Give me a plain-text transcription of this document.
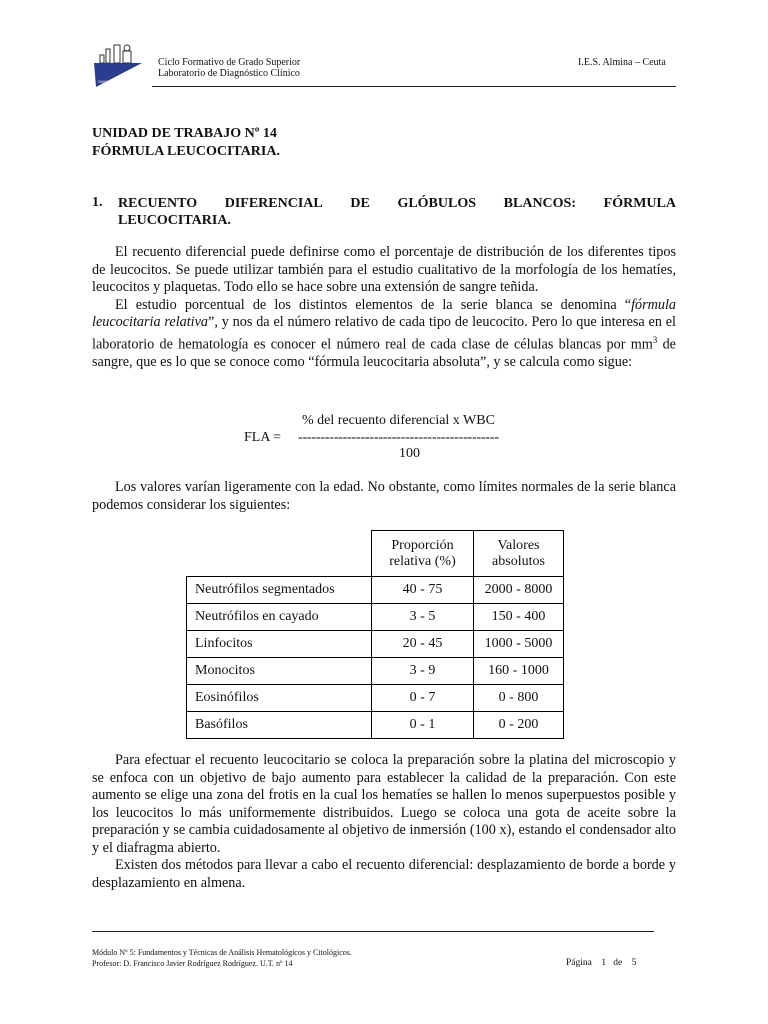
SANIDAD
Ciclo Formativo de Grado Superior
Laboratorio de Diagnóstico Clínico
I.E.S. Almina – Ceuta
UNIDAD DE TRABAJO Nº 14
FÓRMULA LEUCOCITARIA.
1. RECUENTO DIFERENCIAL DE GLÓBULOS BLANCOS: FÓRMULA
LEUCOCITARIA.

El recuento diferencial puede definirse como el porcentaje de distribución de los diferentes tipos de leucocitos. Se puede utilizar también para el estudio cualitativo de la morfología de los hematíes, leucocitos y plaquetas. Todo ello se hace sobre una extensión de sangre teñida.

El estudio porcentual de los distintos elementos de la serie blanca se denomina “fórmula leucocitaria relativa”, y nos da el número relativo de cada tipo de leucocito. Pero lo que interesa en el laboratorio de hematología es conocer el número real de cada clase de células blancas por $mm^3$ de sangre, que es lo que se conoce como “fórmula leucocitaria absoluta”, y se calcula como sigue:

% del recuento diferencial x WBC
FLA = ---------------------------------------------
100

Los valores varían ligeramente con la edad. No obstante, como límites normales de la serie blanca podemos considerar los siguientes:

	Proporción relativa (%)	Valores absolutos
Neutrófilos segmentados	40 - 75	2000 - 8000
Neutrófilos en cayado	3 - 5	150 - 400
Linfocitos	20 - 45	1000 - 5000
Monocitos	3 - 9	160 - 1000
Eosinófilos	0 - 7	0 - 800
Basófilos	0 - 1	0 - 200

Para efectuar el recuento leucocitario se coloca la preparación sobre la platina del microscopio y se enfoca con un objetivo de bajo aumento para establecer la calidad de la preparación. Con este aumento se elige una zona del frotis en la cual los hematíes se hallen lo menos superpuestos posible y los leucocitos lo más uniformemente distribuidos. Luego se coloca una gota de aceite sobre la preparación y se cambia cuidadosamente al objetivo de inmersión (100 x), estando el condensador alto y el diafragma abierto.

Existen dos métodos para llevar a cabo el recuento diferencial: desplazamiento de borde a borde y desplazamiento en almena.

Módulo Nº 5: Fundamentos y Técnicas de Análisis Hematológicos y Citológicos.
Profesor: D. Francisco Javier Rodríguez Rodríguez. U.T. nº 14	Página 1 de 5
